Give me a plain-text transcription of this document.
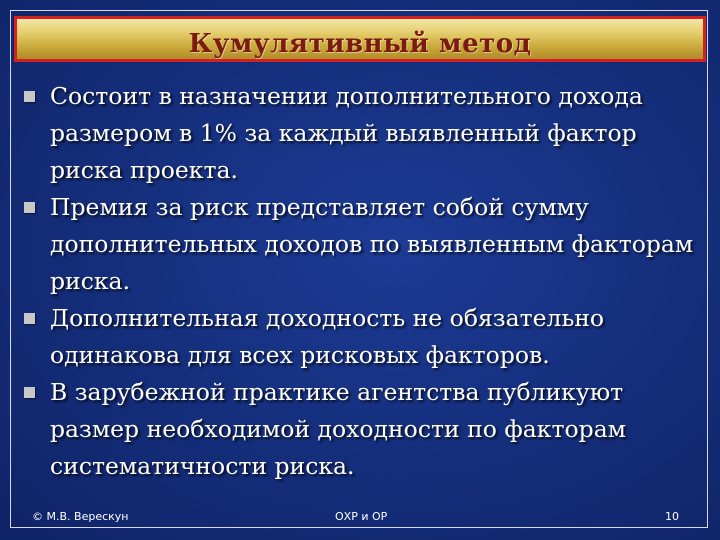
Кумулятивный метод
Состоит в назначении дополнительного дохода размером в 1% за каждый выявленный фактор риска проекта.
Премия за риск представляет собой сумму дополнительных доходов по выявленным факторам риска.
Дополнительная доходность не обязательно одинакова для всех рисковых факторов.
В зарубежной практике агентства публикуют размер необходимой доходности по факторам систематичности риска.
© М.В. Верескун	ОХР и ОР	10
